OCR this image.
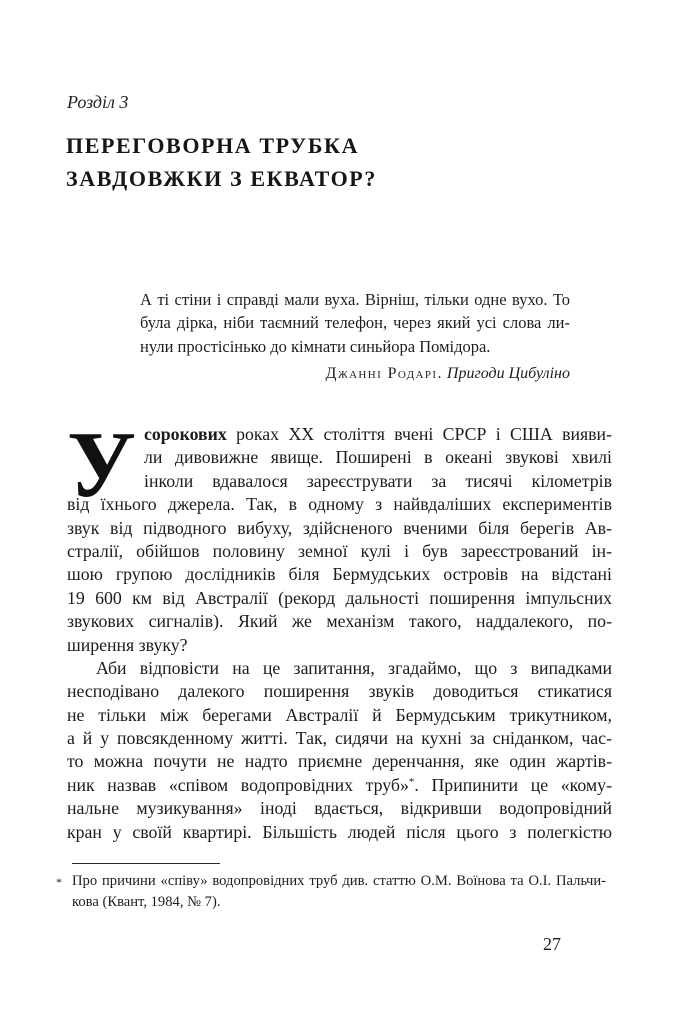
Розділ 3
ПЕРЕГОВОРНА ТРУБКА
ЗАВДОВЖКИ З ЕКВАТОР?
А ті стіни і справді мали вуха. Вірніш, тільки одне вухо. То
була дірка, ніби таємний телефон, через який усі слова ли-
нули простісінько до кімнати синьйора Помідора.
Джанні Родарі. Пригоди Цибуліно
У сорокових роках ХХ століття вчені СРСР і США вияви-
ли дивовижне явище. Поширені в океані звукові хвилі
інколи вдавалося зареєструвати за тисячі кілометрів
від їхнього джерела. Так, в одному з найвдаліших експериментів
звук від підводного вибуху, здійсненого вченими біля берегів Ав-
стралії, обійшов половину земної кулі і був зареєстрований ін-
шою групою дослідників біля Бермудських островів на відстані
19 600 км від Австралії (рекорд дальності поширення імпульсних
звукових сигналів). Який же механізм такого, наддалекого, по-
ширення звуку?
Аби відповісти на це запитання, згадаймо, що з випадками
несподівано далекого поширення звуків доводиться стикатися
не тільки між берегами Австралії й Бермудським трикутником,
а й у повсякденному житті. Так, сидячи на кухні за сніданком, час-
то можна почути не надто приємне деренчання, яке один жартів-
ник назвав «співом водопровідних труб»*. Припинити це «кому-
нальне музикування» іноді вдається, відкривши водопровідний
кран у своїй квартирі. Більшість людей після цього з полегкістю
* Про причини «співу» водопровідних труб див. статтю О.М. Воїнова та О.І. Пальчи-
кова (Квант, 1984, № 7).
27
